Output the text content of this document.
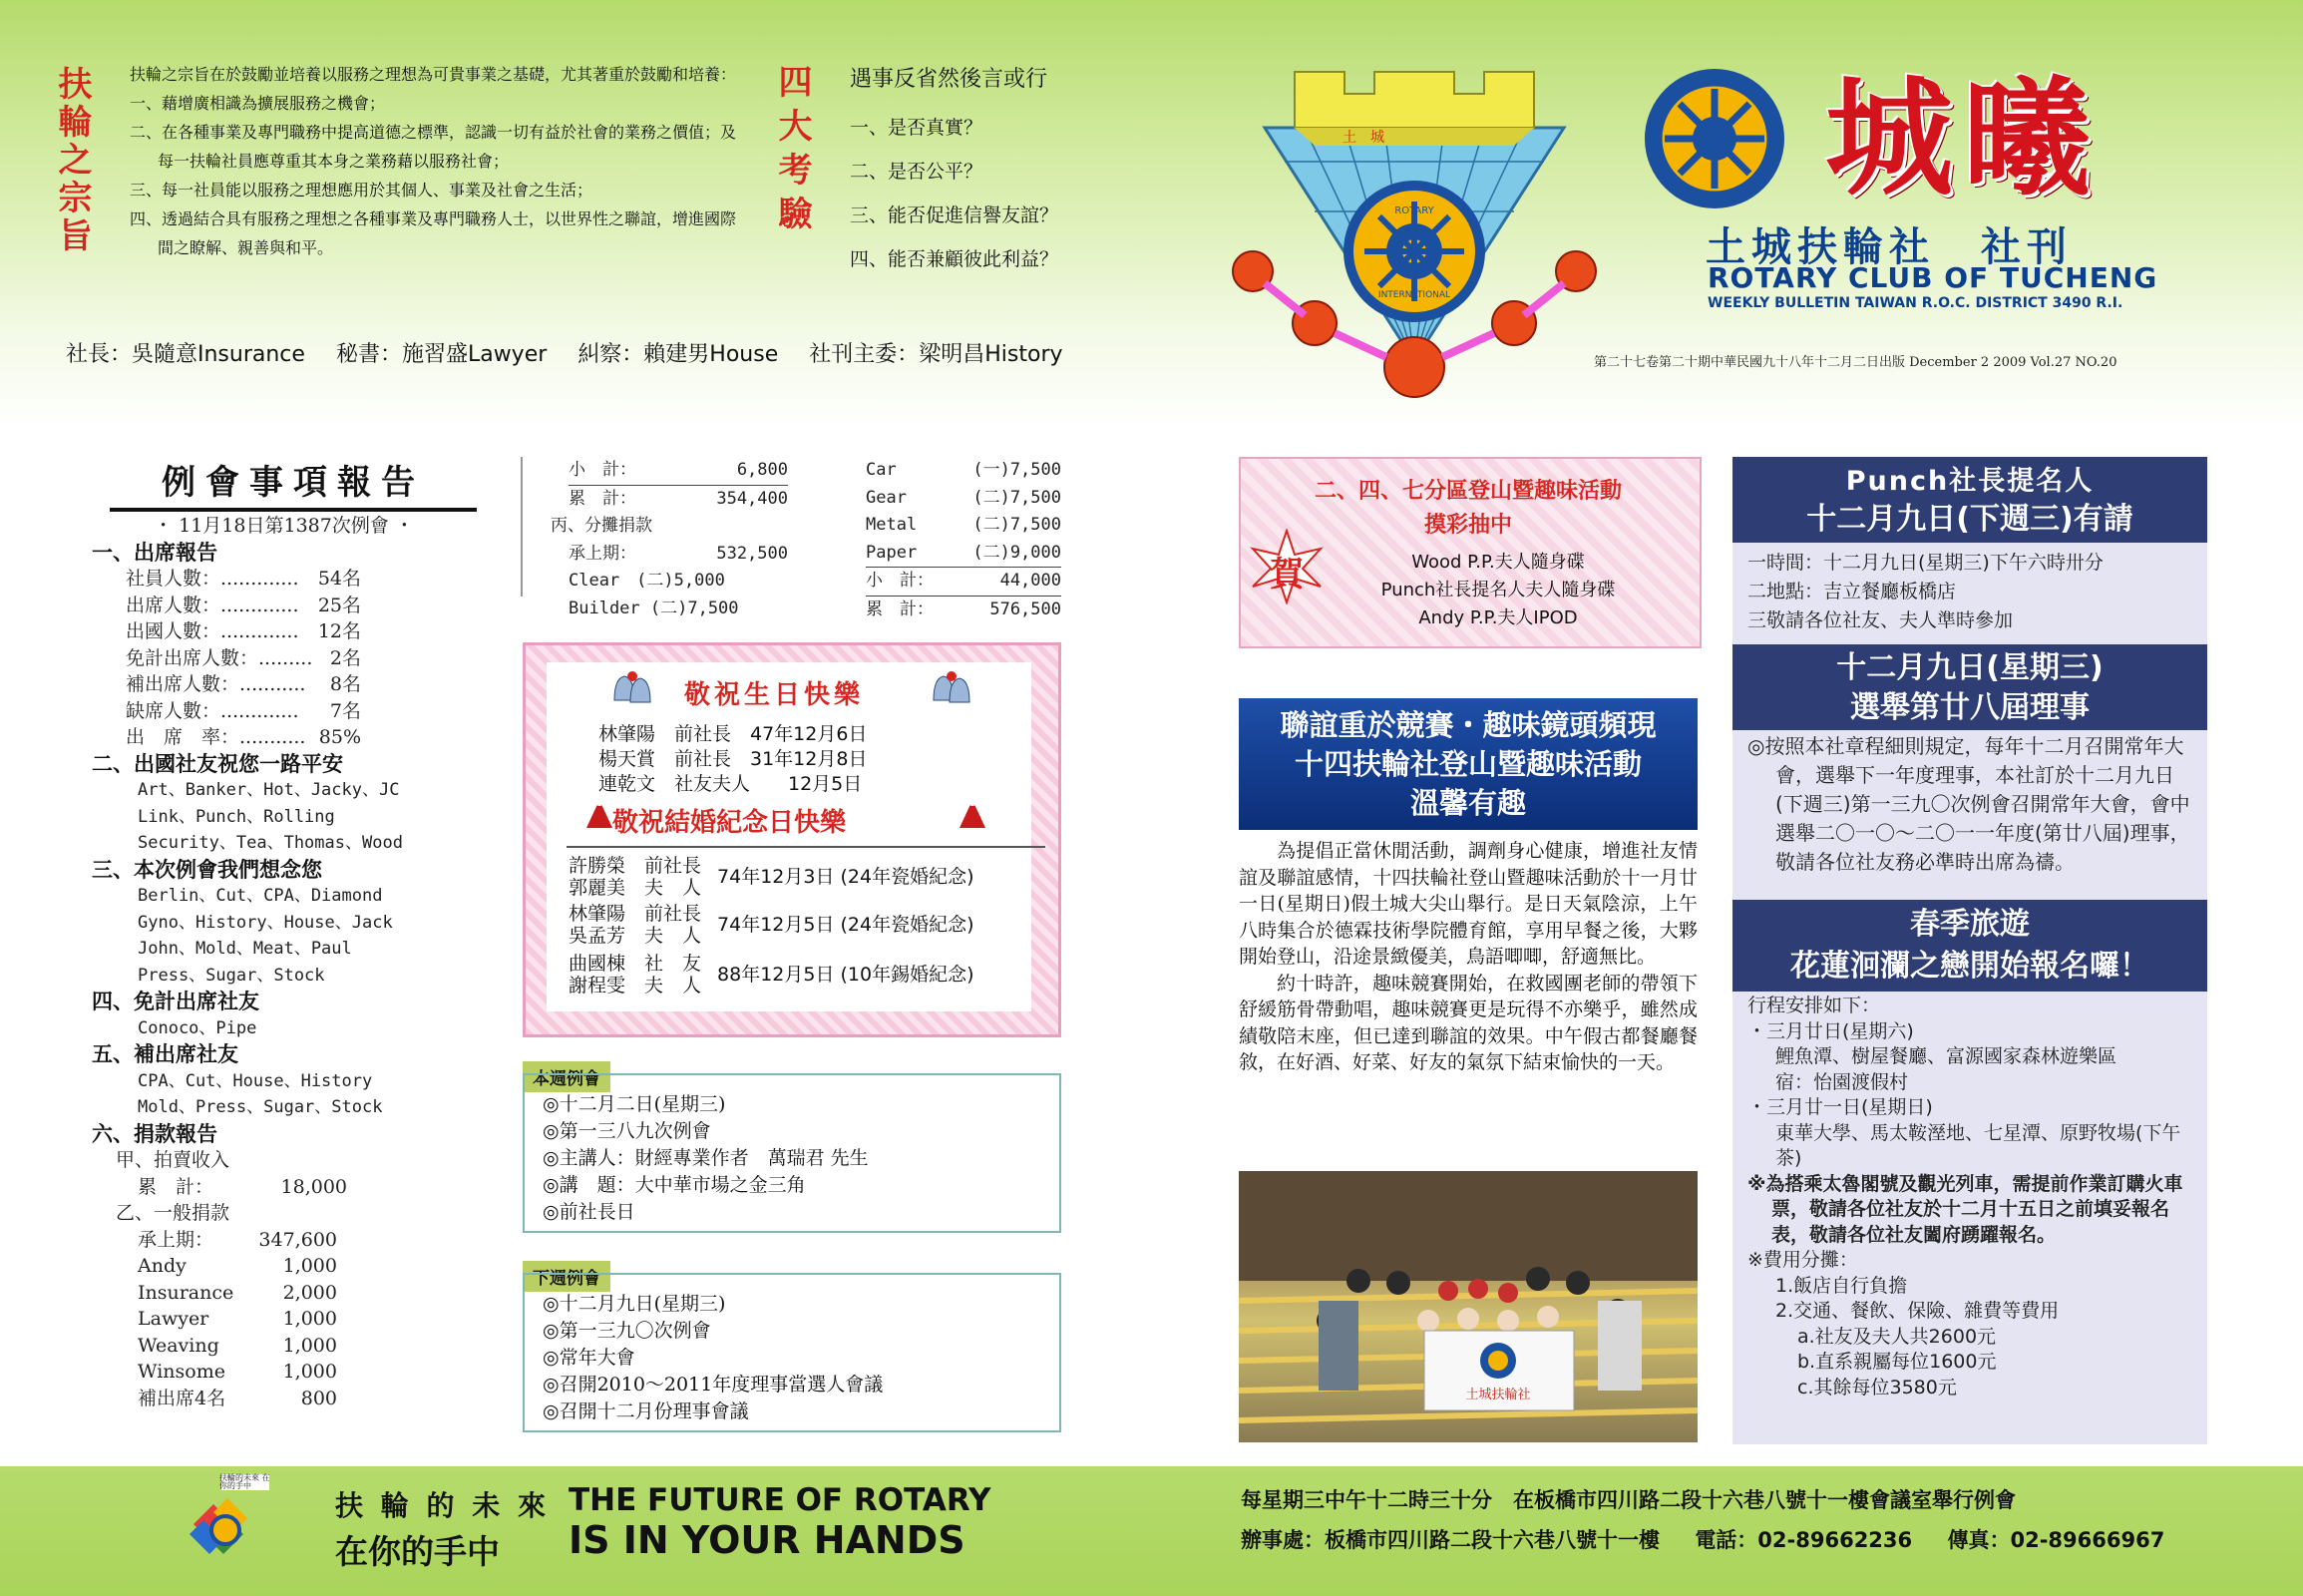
扶輪之宗旨 扶輪之宗旨在於鼓勵並培養以服務之理想為可貴事業之基礎，尤其著重於鼓勵和培養：

一、藉增廣相識為擴展服務之機會；

二、在各種事業及專門職務中提高道德之標準，認識一切有益於社會的業務之價值；及每一扶輪社員應尊重其本身之業務藉以服務社會；

三、每一社員能以服務之理想應用於其個人、事業及社會之生活；

四、透過結合具有服務之理想之各種事業及專門職務人士，以世界性之聯誼，增進國際間之瞭解、親善與和平。

四大考驗 遇事反省然後言或行

一、是否真實？

二、是否公平？

三、能否促進信譽友誼？

四、能否兼顧彼此利益？

社長：吳隨意Insurance 秘書：施習盛Lawyer 糾察：賴建男House 社刊主委：梁明昌History
土　城
ROTARY
INTERNATIONAL
城曦
土城扶輪社　社刊
ROTARY CLUB OF TUCHENG
WEEKLY BULLETIN TAIWAN R.O.C. DISTRICT 3490 R.I.
第二十七卷第二十期中華民國九十八年十二月二日出版 December 2 2009 Vol.27 NO.20
例會事項報告
・ 11月18日第1387次例會 ・
一、出席報告
社員人數：............. 54名
出席人數：............. 25名
出國人數：............. 12名
免計出席人數：......... 2名
補出席人數：........... 8名
缺席人數：............. 7名
出　席　率：........... 85%
二、出國社友祝您一路平安
Art、Banker、Hot、Jacky、JC
Link、Punch、Rolling
Security、Tea、Thomas、Wood
三、本次例會我們想念您
Berlin、Cut、CPA、Diamond
Gyno、History、House、Jack
John、Mold、Meat、Paul
Press、Sugar、Stock
四、免計出席社友
Conoco、Pipe
五、補出席社友
CPA、Cut、House、History
Mold、Press、Sugar、Stock
六、捐款報告
甲、拍賣收入
累　計：	18,000
乙、一般捐款
承上期： 347,600
Andy	1,000
Insurance	2,000
Lawyer	1,000
Weaving	1,000
Winsome	1,000
補出席4名	800
小　計：	6,800
累　計：	354,400
丙、分攤捐款
承上期：	532,500
Clear　(二)5,000
Builder (二)7,500
Car	(一)7,500
Gear	(二)7,500
Metal	(二)7,500
Paper	(二)9,000
小　計：	44,000
累　計：	576,500
敬祝生日快樂
林肇陽　前社長　47年12月6日
楊天賞　前社長　31年12月8日
連乾文　社友夫人　　12月5日
敬祝結婚紀念日快樂
許勝榮　前社長
郭麗美　夫　人 74年12月3日 (24年瓷婚紀念)
林肇陽　前社長
吳孟芳　夫　人 74年12月5日 (24年瓷婚紀念)
曲國棟　社　友
謝程雯　夫　人 88年12月5日 (10年錫婚紀念)
本週例會
◎十二月二日(星期三)
◎第一三八九次例會
◎主講人：財經專業作者　萬瑞君 先生
◎講　題：大中華市場之金三角
◎前社長日
下週例會
◎十二月九日(星期三)
◎第一三九〇次例會
◎常年大會
◎召開2010～2011年度理事當選人會議
◎召開十二月份理事會議
二、四、七分區登山暨趣味活動
摸彩抽中
賀	Wood P.P.夫人隨身碟
Punch社長提名人夫人隨身碟
Andy P.P.夫人IPOD
聯誼重於競賽・趣味鏡頭頻現
十四扶輪社登山暨趣味活動
溫馨有趣

為提倡正當休閒活動，調劑身心健康，增進社友情誼及聯誼感情，十四扶輪社登山暨趣味活動於十一月廿一日(星期日)假土城大尖山舉行。是日天氣陰涼，上午八時集合於德霖技術學院體育館，享用早餐之後，大夥開始登山，沿途景緻優美，鳥語唧唧，舒適無比。

約十時許，趣味競賽開始，在救國團老師的帶領下舒緩筋骨帶動唱，趣味競賽更是玩得不亦樂乎，雖然成績敬陪末座，但已達到聯誼的效果。中午假古都餐廳餐敘，在好酒、好菜、好友的氣氛下結束愉快的一天。

土城扶輪社
Punch社長提名人
十二月九日(下週三)有請
一時間：十二月九日(星期三)下午六時卅分
二地點：吉立餐廳板橋店
三敬請各位社友、夫人準時參加
十二月九日(星期三)
選舉第廿八屆理事
◎按照本社章程細則規定，每年十二月召開常年大會，選舉下一年度理事，本社訂於十二月九日(下週三)第一三九〇次例會召開常年大會，會中選舉二〇一〇～二〇一一年度(第廿八屆)理事，敬請各位社友務必準時出席為禱。
春季旅遊
花蓮洄瀾之戀開始報名囉！
行程安排如下：
・三月廿日(星期六)
鯉魚潭、樹屋餐廳、富源國家森林遊樂區
宿：怡園渡假村
・三月廿一日(星期日)
東華大學、馬太鞍溼地、七星潭、原野牧場(下午茶)
※為搭乘太魯閣號及觀光列車，需提前作業訂購火車票，敬請各位社友於十二月十五日之前填妥報名表，敬請各位社友闔府踴躍報名。
※費用分攤：
1.飯店自行負擔
2.交通、餐飲、保險、雜費等費用
a.社友及夫人共2600元
b.直系親屬每位1600元
c.其餘每位3580元
扶輪的未來 在你的手中
扶 輪 的 未 來
在你的手中
THE FUTURE OF ROTARY
IS IN YOUR HANDS
每星期三中午十二時三十分　在板橋市四川路二段十六巷八號十一樓會議室舉行例會
辦事處：板橋市四川路二段十六巷八號十一樓 電話：02-89662236 傳真：02-89666967
